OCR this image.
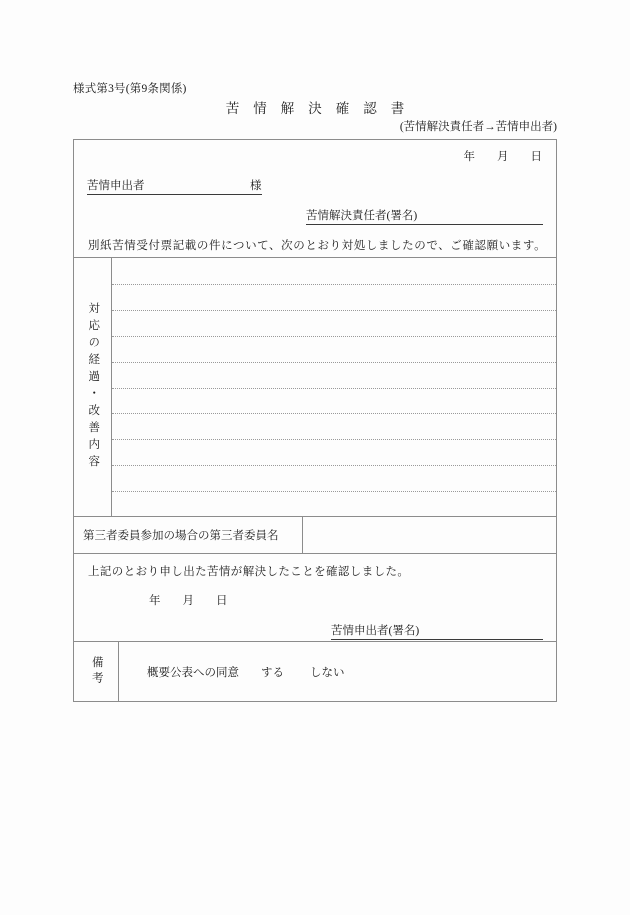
様式第3号(第9条関係)
苦情解決確認書
(苦情解決責任者→苦情申出者)
年 月 日
苦情申出者	様
苦情解決責任者(署名)
別紙苦情受付票記載の件について、次のとおり対処しましたので、ご確認願います。
対応の経過・改善内容
第三者委員参加の場合の第三者委員名
上記のとおり申し出た苦情が解決したことを確認しました。
年 月 日
苦情申出者(署名)
備考	概要公表への同意 する しない
